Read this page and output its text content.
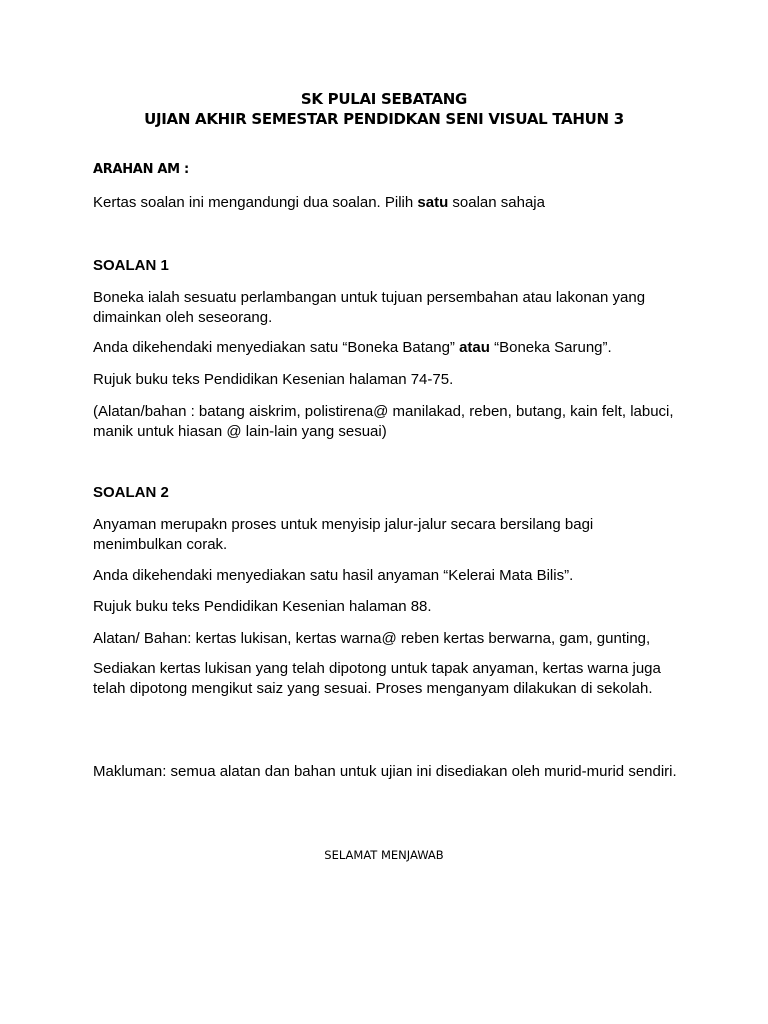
SK PULAI SEBATANG
UJIAN AKHIR SEMESTAR PENDIDKAN SENI VISUAL TAHUN 3
ARAHAN AM :
Kertas soalan ini mengandungi dua soalan. Pilih satu soalan sahaja
SOALAN 1
Boneka ialah sesuatu perlambangan untuk tujuan persembahan atau lakonan yang dimainkan oleh seseorang.
Anda dikehendaki menyediakan satu “Boneka Batang” atau “Boneka Sarung”.
Rujuk buku teks Pendidikan Kesenian halaman 74-75.
(Alatan/bahan : batang aiskrim, polistirena@ manilakad, reben, butang, kain felt, labuci, manik untuk hiasan @ lain-lain yang sesuai)
SOALAN 2
Anyaman merupakn proses untuk menyisip jalur-jalur secara bersilang bagi menimbulkan corak.
Anda dikehendaki menyediakan satu hasil anyaman “Kelerai Mata Bilis”.
Rujuk buku teks Pendidikan Kesenian halaman 88.
Alatan/ Bahan: kertas lukisan, kertas warna@ reben kertas berwarna, gam, gunting,
Sediakan kertas lukisan yang telah dipotong untuk tapak anyaman, kertas warna juga telah dipotong mengikut saiz yang sesuai. Proses menganyam dilakukan di sekolah.
Makluman: semua alatan dan bahan untuk ujian ini disediakan oleh murid-murid sendiri.
SELAMAT MENJAWAB
